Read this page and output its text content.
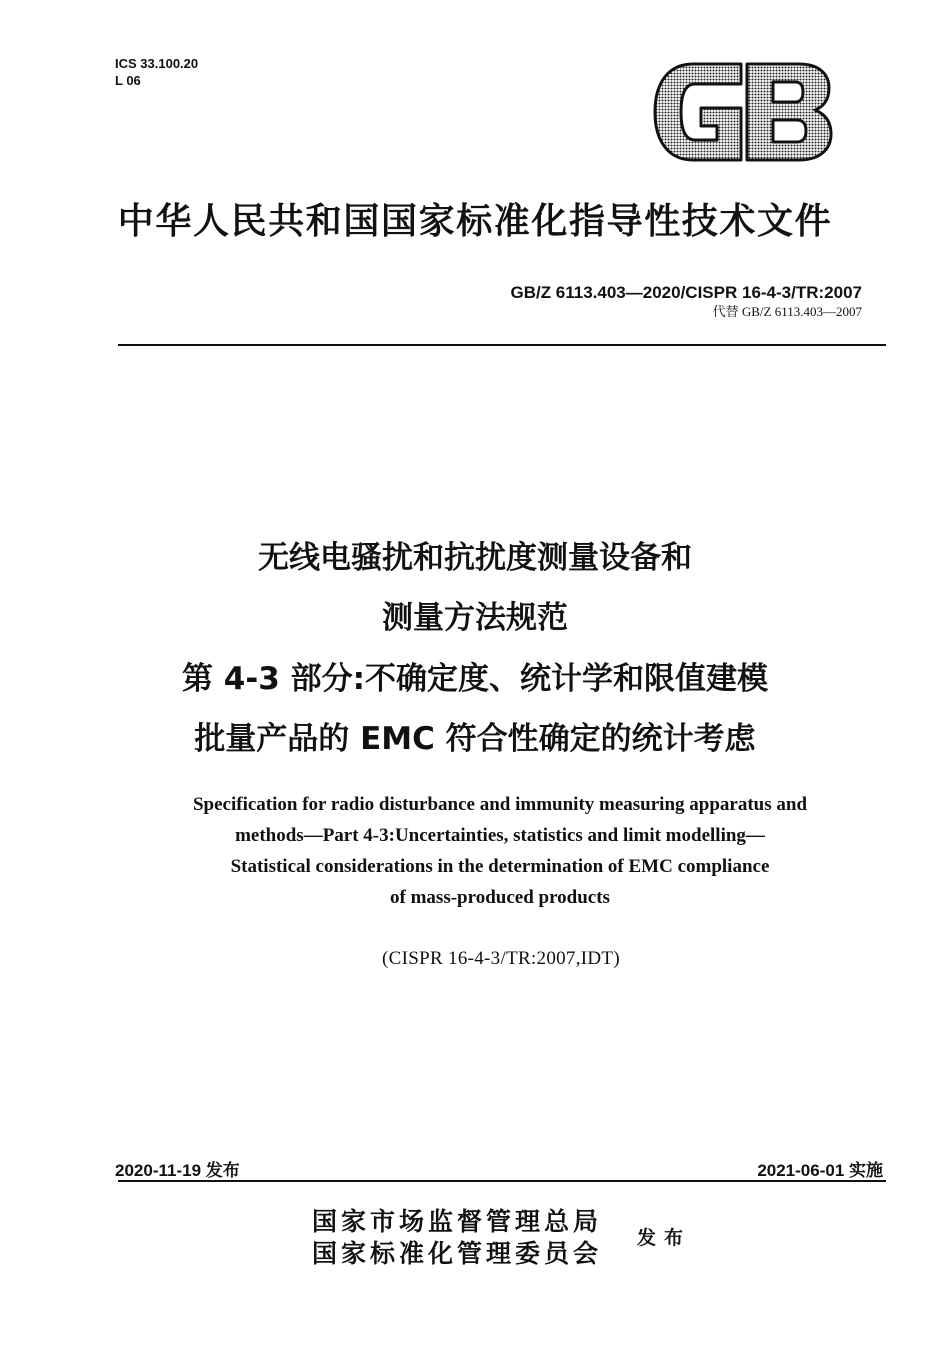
ICS 33.100.20
L 06
中华人民共和国国家标准化指导性技术文件
GB/Z 6113.403—2020/CISPR 16-4-3/TR:2007
代替 GB/Z 6113.403—2007
无线电骚扰和抗扰度测量设备和
测量方法规范
第 4-3 部分:不确定度、统计学和限值建模
批量产品的 EMC 符合性确定的统计考虑
Specification for radio disturbance and immunity measuring apparatus and
methods—Part 4-3:Uncertainties, statistics and limit modelling—
Statistical considerations in the determination of EMC compliance
of mass-produced products
(CISPR 16-4-3/TR:2007,IDT)
2020-11-19 发布	2021-06-01 实施
国家市场监督管理总局
国家标准化管理委员会
发布
